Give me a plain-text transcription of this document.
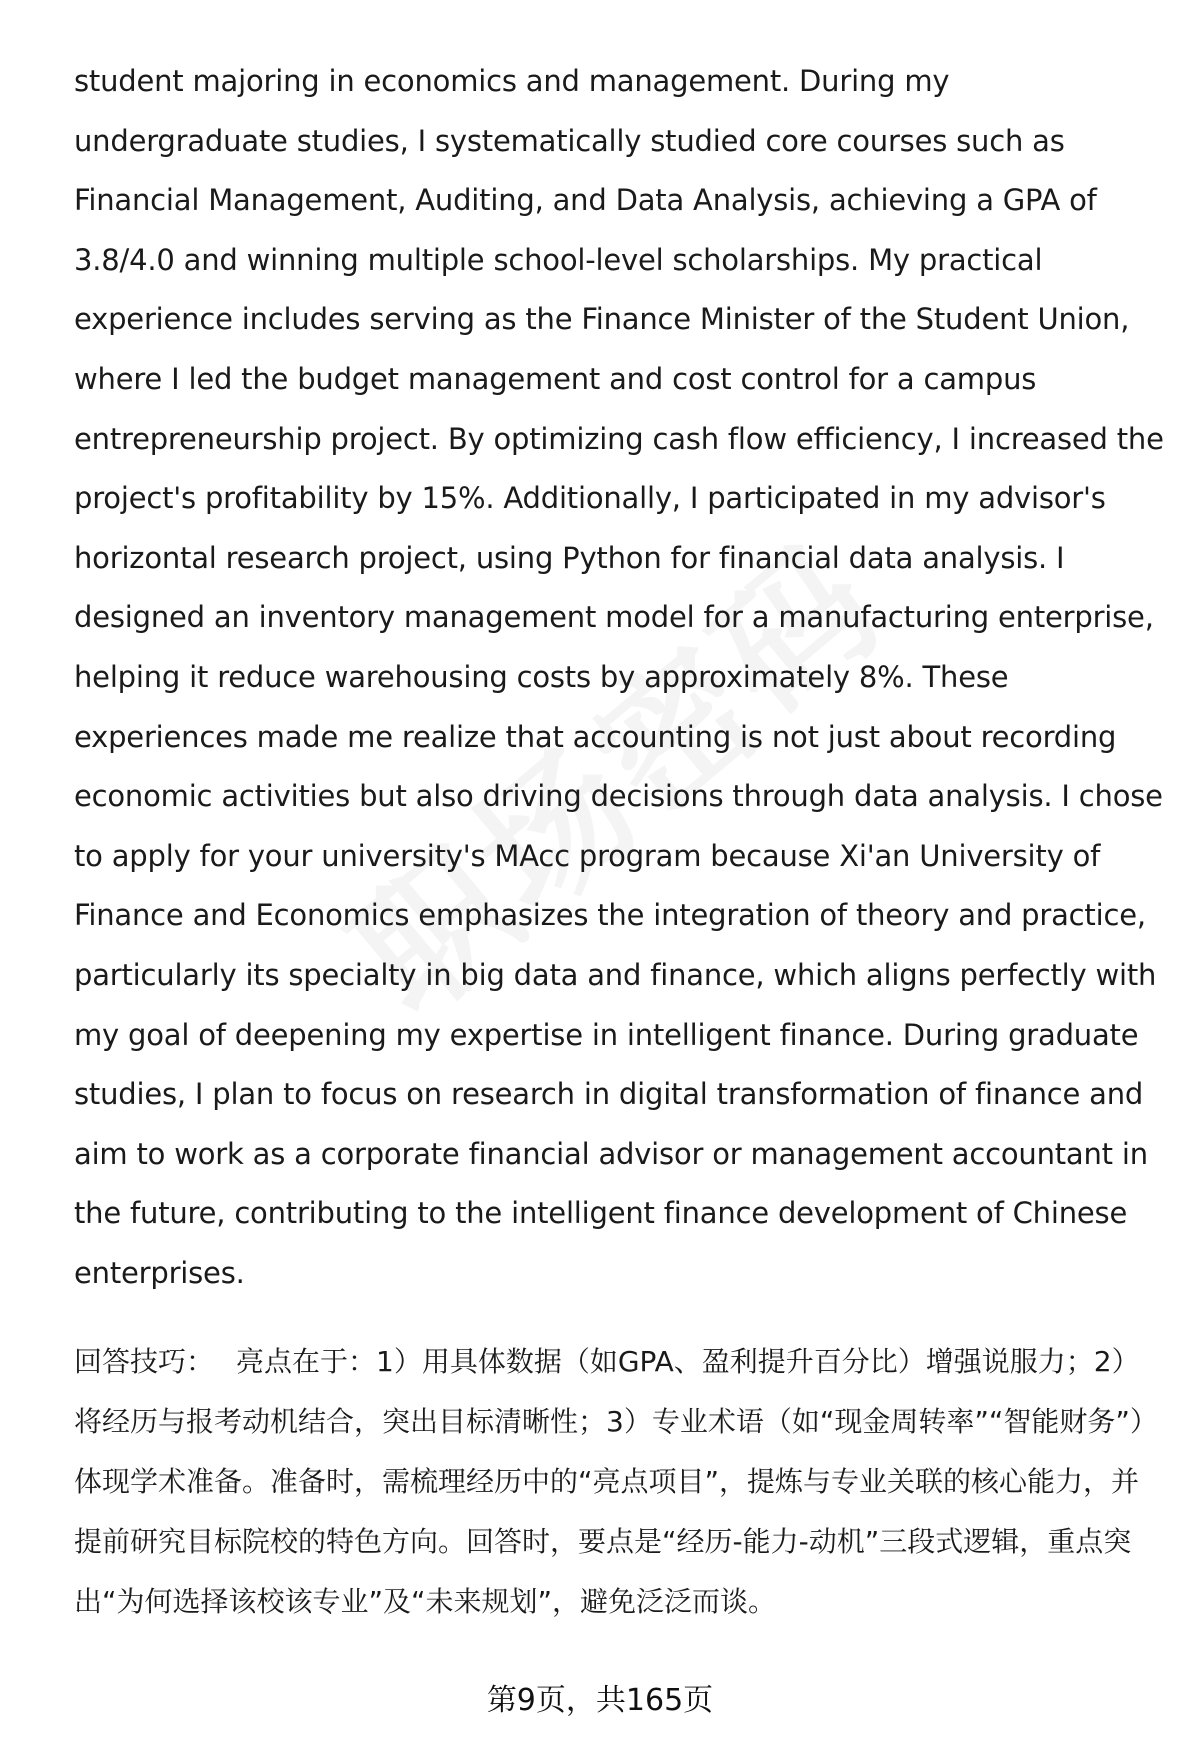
student majoring in economics and management. During my undergraduate studies, I systematically studied core courses such as Financial Management, Auditing, and Data Analysis, achieving a GPA of 3.8/4.0 and winning multiple school-level scholarships. My practical experience includes serving as the Finance Minister of the Student Union, where I led the budget management and cost control for a campus entrepreneurship project. By optimizing cash flow efficiency, I increased the project's profitability by 15%. Additionally, I participated in my advisor's horizontal research project, using Python for financial data analysis. I designed an inventory management model for a manufacturing enterprise, helping it reduce warehousing costs by approximately 8%. These experiences made me realize that accounting is not just about recording economic activities but also driving decisions through data analysis. I chose to apply for your university's MAcc program because Xi'an University of Finance and Economics emphasizes the integration of theory and practice, particularly its specialty in big data and finance, which aligns perfectly with my goal of deepening my expertise in intelligent finance. During graduate studies, I plan to focus on research in digital transformation of finance and aim to work as a corporate financial advisor or management accountant in the future, contributing to the intelligent finance development of Chinese enterprises.

回答技巧： 亮点在于：1）用具体数据（如GPA、盈利提升百分比）增强说服力；2）将经历与报考动机结合，突出目标清晰性；3）专业术语（如“现金周转率”“智能财务”）体现学术准备。准备时，需梳理经历中的“亮点项目”，提炼与专业关联的核心能力，并提前研究目标院校的特色方向。回答时，要点是“经历-能力-动机”三段式逻辑，重点突出“为何选择该校该专业”及“未来规划”，避免泛泛而谈。

第9页，共165页
